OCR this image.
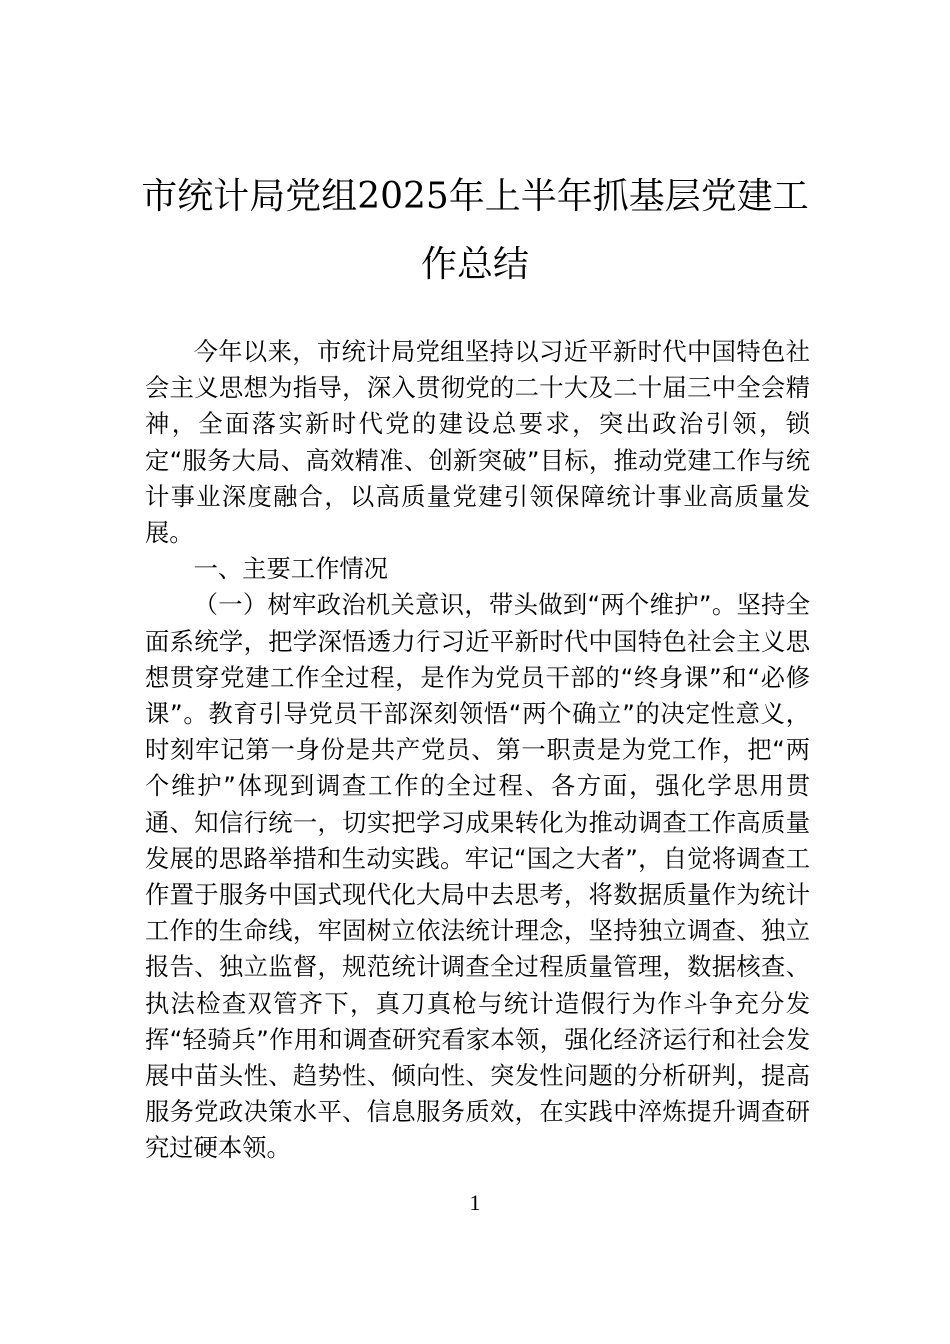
市统计局党组2025年上半年抓基层党建工
作总结

今年以来，市统计局党组坚持以习近平新时代中国特色社会主义思想为指导，深入贯彻党的二十大及二十届三中全会精神，全面落实新时代党的建设总要求，突出政治引领，锁定“服务大局、高效精准、创新突破”目标，推动党建工作与统计事业深度融合，以高质量党建引领保障统计事业高质量发展。

一、主要工作情况

（一）树牢政治机关意识，带头做到“两个维护”。坚持全面系统学，把学深悟透力行习近平新时代中国特色社会主义思想贯穿党建工作全过程，是作为党员干部的“终身课”和“必修课”。教育引导党员干部深刻领悟“两个确立”的决定性意义，时刻牢记第一身份是共产党员、第一职责是为党工作，把“两个维护”体现到调查工作的全过程、各方面，强化学思用贯通、知信行统一，切实把学习成果转化为推动调查工作高质量发展的思路举措和生动实践。牢记“国之大者”，自觉将调查工作置于服务中国式现代化大局中去思考，将数据质量作为统计工作的生命线，牢固树立依法统计理念，坚持独立调查、独立报告、独立监督，规范统计调查全过程质量管理，数据核查、执法检查双管齐下，真刀真枪与统计造假行为作斗争充分发挥“轻骑兵”作用和调查研究看家本领，强化经济运行和社会发展中苗头性、趋势性、倾向性、突发性问题的分析研判，提高服务党政决策水平、信息服务质效，在实践中淬炼提升调查研究过硬本领。

1
